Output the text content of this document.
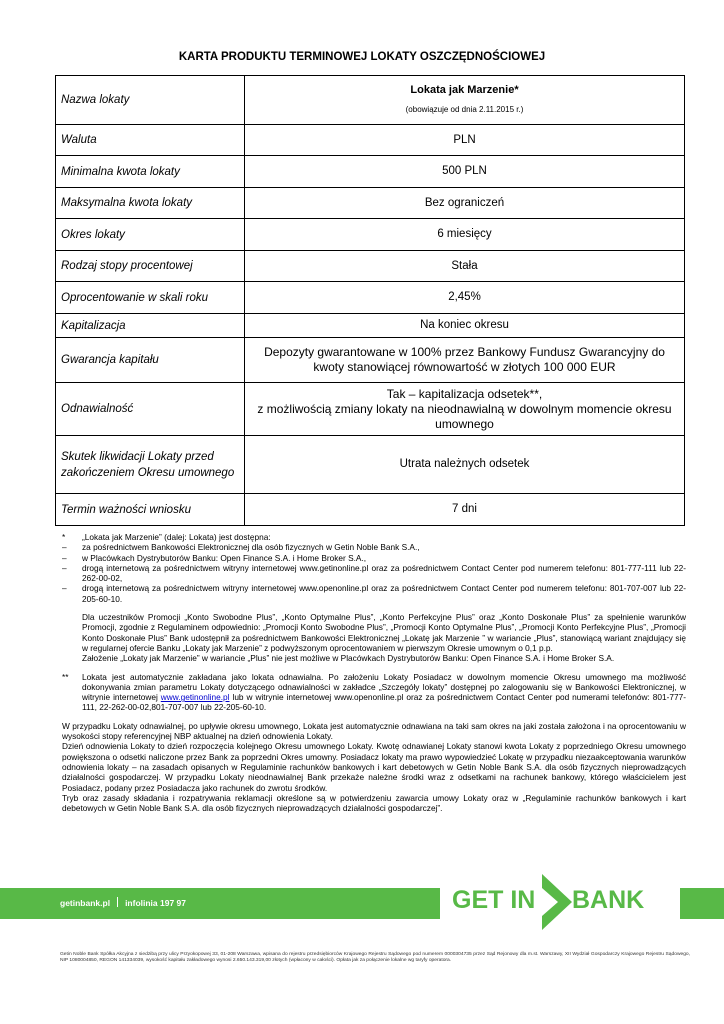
KARTA PRODUKTU TERMINOWEJ LOKATY OSZCZĘDNOŚCIOWEJ
Nazwa lokaty	Lokata jak Marzenie*
(obowiązuje od dnia 2.11.2015 r.)

Waluta	PLN
Minimalna kwota lokaty	500 PLN
Maksymalna kwota lokaty	Bez ograniczeń
Okres lokaty	6 miesięcy
Rodzaj stopy procentowej	Stała
Oprocentowanie w skali roku	2,45%
Kapitalizacja	Na koniec okresu
Gwarancja kapitału	Depozyty gwarantowane w 100% przez Bankowy Fundusz Gwarancyjny do kwoty stanowiącej równowartość w złotych 100 000 EUR
Odnawialność	Tak – kapitalizacja odsetek**,
z możliwością zmiany lokaty na nieodnawialną w dowolnym momencie okresu umownego

Skutek likwidacji Lokaty przed zakończeniem Okresu umownego	Utrata należnych odsetek
Termin ważności wniosku	7 dni
*	„Lokata jak Marzenie” (dalej: Lokata) jest dostępna:
–	za pośrednictwem Bankowości Elektronicznej dla osób fizycznych w Getin Noble Bank S.A.,
–	w Placówkach Dystrybutorów Banku: Open Finance S.A. i Home Broker S.A.,
–	drogą internetową za pośrednictwem witryny internetowej www.getinonline.pl oraz za pośrednictwem Contact Center pod numerem telefonu: 801-777-111 lub 22-262-00-02,
–	drogą internetową za pośrednictwem witryny internetowej www.openonline.pl oraz za pośrednictwem Contact Center pod numerem telefonu: 801-707-007 lub 22-205-60-10.

Dla uczestników Promocji „Konto Swobodne Plus”, „Konto Optymalne Plus”, „Konto Perfekcyjne Plus” oraz „Konto Doskonałe Plus” za spełnienie warunków Promocji, zgodnie z Regulaminem odpowiednio: „Promocji Konto Swobodne Plus”, „Promocji Konto Optymalne Plus”, „Promocji Konto Perfekcyjne Plus”, „Promocji Konto Doskonałe Plus” Bank udostępnił za pośrednictwem Bankowości Elektronicznej „Lokatę jak Marzenie ” w wariancie „Plus”, stanowiącą wariant znajdujący się w regularnej ofercie Banku „Lokaty jak Marzenie” z podwyższonym oprocentowaniem w pierwszym Okresie umownym o 0,1 p.p.

Założenie „Lokaty jak Marzenie” w wariancie „Plus” nie jest możliwe w Placówkach Dystrybutorów Banku: Open Finance S.A. i Home Broker S.A.

**	Lokata jest automatycznie zakładana jako lokata odnawialna. Po założeniu Lokaty Posiadacz w dowolnym momencie Okresu umownego ma możliwość dokonywania zmian parametru Lokaty dotyczącego odnawialności w zakładce „Szczegóły lokaty” dostępnej po zalogowaniu się w Bankowości Elektronicznej, w witrynie internetowej www.getinonline.pl lub w witrynie internetowej www.openonline.pl oraz za pośrednictwem Contact Center pod numerami telefonów: 801-777-111, 22-262-00-02,801-707-007 lub 22-205-60-10.

W przypadku Lokaty odnawialnej, po upływie okresu umownego, Lokata jest automatycznie odnawiana na taki sam okres na jaki została założona i na oprocentowaniu w wysokości stopy referencyjnej NBP aktualnej na dzień odnowienia Lokaty.

Dzień odnowienia Lokaty to dzień rozpoczęcia kolejnego Okresu umownego Lokaty. Kwotę odnawianej Lokaty stanowi kwota Lokaty z poprzedniego Okresu umownego powiększona o odsetki naliczone przez Bank za poprzedni Okres umowny. Posiadacz lokaty ma prawo wypowiedzieć Lokatę w przypadku niezaakceptowania warunków odnowienia lokaty – na zasadach opisanych w Regulaminie rachunków bankowych i kart debetowych w Getin Noble Bank S.A. dla osób fizycznych nieprowadzących działalności gospodarczej. W przypadku Lokaty nieodnawialnej Bank przekaże należne środki wraz z odsetkami na rachunek bankowy, którego właścicielem jest Posiadacz, podany przez Posiadacza jako rachunek do zwrotu środków.

Tryb oraz zasady składania i rozpatrywania reklamacji określone są w potwierdzeniu zawarcia umowy Lokaty oraz w „Regulaminie rachunków bankowych i kart debetowych w Getin Noble Bank S.A. dla osób fizycznych nieprowadzących działalności gospodarczej”.

getinbank.pl infolinia 197 97	GET IN BANK
Getin Noble Bank Spółka Akcyjna z siedzibą przy ulicy Przyokopowej 33, 01-208 Warszawa, wpisana do rejestru przedsiębiorców Krajowego Rejestru Sądowego pod numerem 0000304735 przez Sąd Rejonowy dla m.st. Warszawy, XII Wydział Gospodarczy Krajowego Rejestru Sądowego, NIP 1080004850, REGON 141334039, wysokość kapitału zakładowego wynosi 2.650.143.319,00 złotych (wpłacony w całości). Opłata jak za połączenie lokalne wg taryfy operatora.
